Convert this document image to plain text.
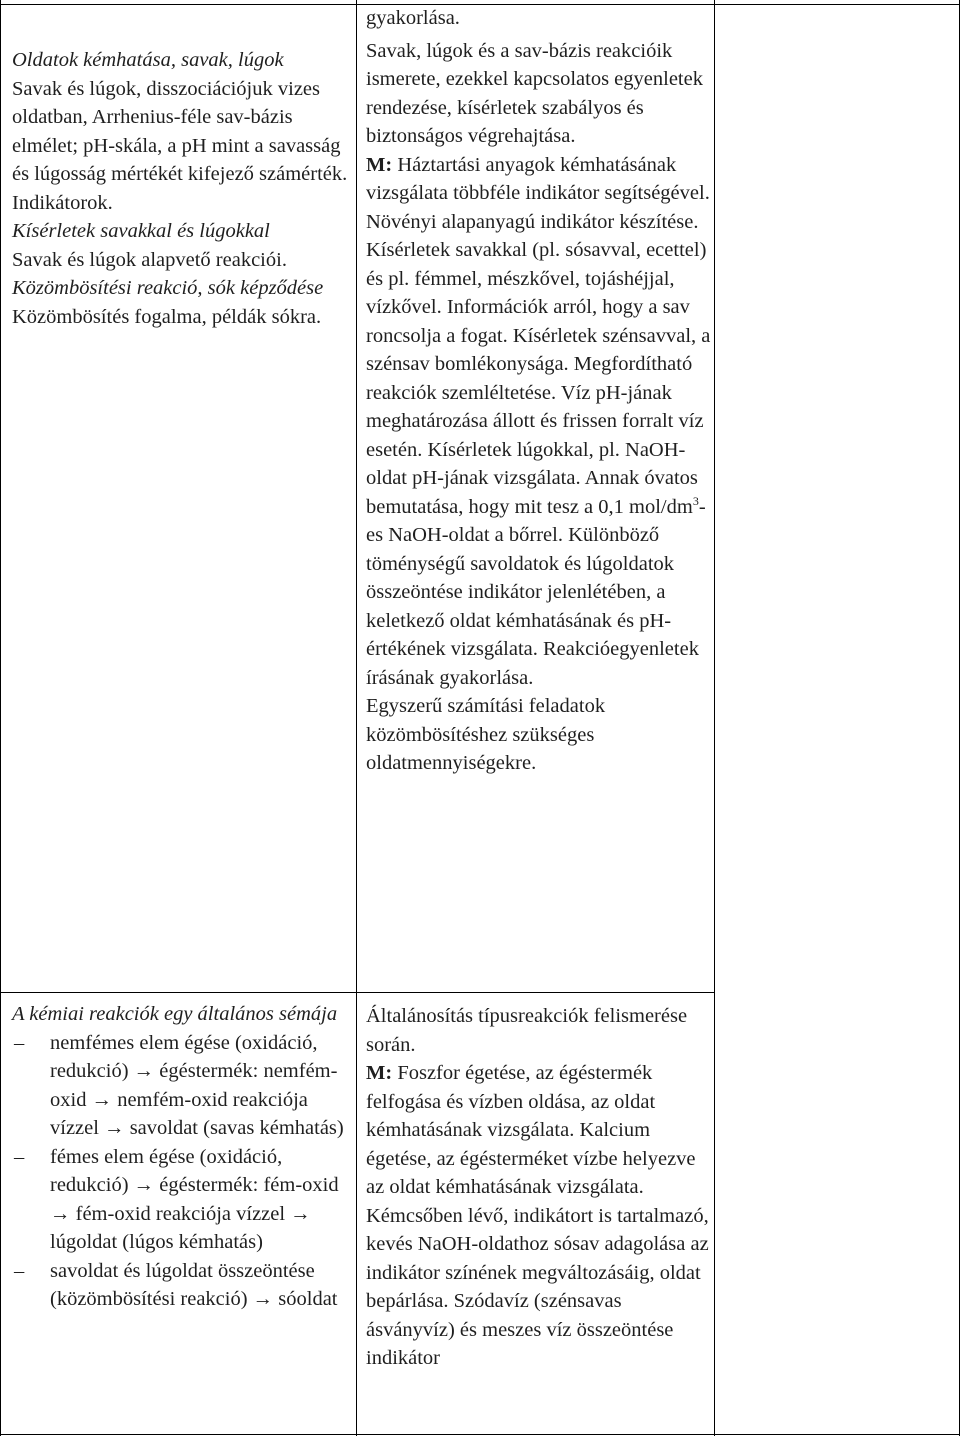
Oldatok kémhatása, savak, lúgok

Savak és lúgok, disszociációjuk vizes oldatban, Arrhenius-féle sav-bázis elmélet; pH-skála, a pH mint a savasság és lúgosság mértékét kifejező számérték. Indikátorok.

Kísérletek savakkal és lúgokkal

Savak és lúgok alapvető reakciói.

Közömbösítési reakció, sók képződése

Közömbösítés fogalma, példák sókra.

A kémiai reakciók egy általános sémája

– nemfémes elem égése (oxidáció, redukció) → égéstermék: nemfém-oxid → nemfém-oxid reakciója vízzel → savoldat (savas kémhatás)
– fémes elem égése (oxidáció, redukció) → égéstermék: fém-oxid → fém-oxid reakciója vízzel → lúgoldat (lúgos kémhatás)
– savoldat és lúgoldat összeöntése (közömbösítési reakció) → sóoldat

gyakorlása.

Savak, lúgok és a sav-bázis reakcióik ismerete, ezekkel kapcsolatos egyenletek rendezése, kísérletek szabályos és biztonságos végrehajtása.

M: Háztartási anyagok kémhatásának vizsgálata többféle indikátor segítségével. Növényi alapanyagú indikátor készítése. Kísérletek savakkal (pl. sósavval, ecettel) és pl. fémmel, mészkővel, tojáshéjjal, vízkővel. Információk arról, hogy a sav roncsolja a fogat. Kísérletek szénsavval, a szénsav bomlékonysága. Megfordítható reakciók szemléltetése. Víz pH-jának meghatározása állott és frissen forralt víz esetén. Kísérletek lúgokkal, pl. NaOH-oldat pH-jának vizsgálata. Annak óvatos bemutatása, hogy mit tesz a 0,1 mol/$dm^3-es$ NaOH-oldat a bőrrel. Különböző töménységű savoldatok és lúgoldatok összeöntése indikátor jelenlétében, a keletkező oldat kémhatásának és pH-értékének vizsgálata. Reakcióegyenletek írásának gyakorlása.

Egyszerű számítási feladatok közömbösítéshez szükséges oldatmennyiségekre.

Általánosítás típusreakciók felismerése során.

M: Foszfor égetése, az égéstermék felfogása és vízben oldása, az oldat kémhatásának vizsgálata. Kalcium égetése, az égésterméket vízbe helyezve az oldat kémhatásának vizsgálata. Kémcsőben lévő, indikátort is tartalmazó, kevés NaOH-oldathoz sósav adagolása az indikátor színének megváltozásáig, oldat bepárlása. Szódavíz (szénsavas ásványvíz) és meszes víz összeöntése indikátor
